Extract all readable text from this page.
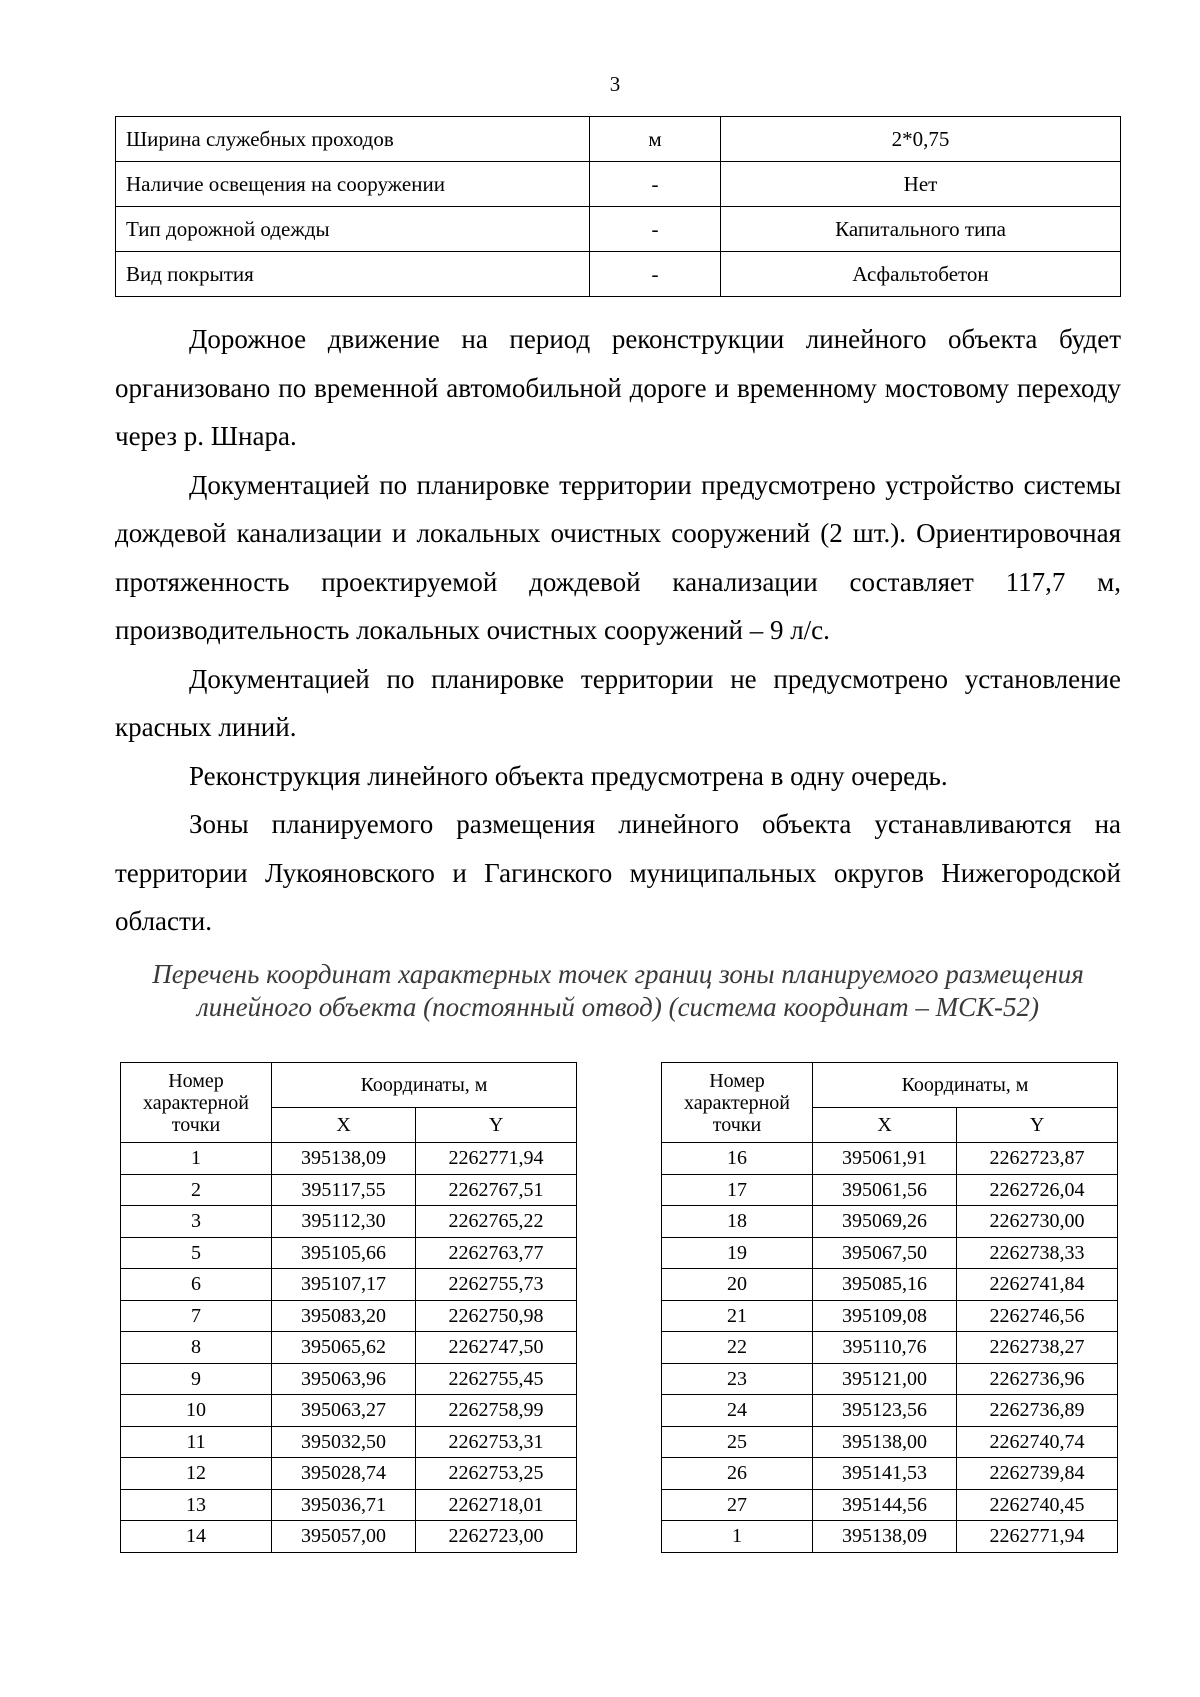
3
Ширина служебных проходов	м	2*0,75
Наличие освещения на сооружении	-	Нет
Тип дорожной одежды	-	Капитального типа
Вид покрытия	-	Асфальтобетон

Дорожное движение на период реконструкции линейного объекта будет организовано по временной автомобильной дороге и временному мостовому переходу через р. Шнара.

Документацией по планировке территории предусмотрено устройство системы дождевой канализации и локальных очистных сооружений (2 шт.). Ориентировочная протяженность проектируемой дождевой канализации составляет 117,7 м, производительность локальных очистных сооружений – 9 л/с.

Документацией по планировке территории не предусмотрено установление красных линий.

Реконструкция линейного объекта предусмотрена в одну очередь.

Зоны планируемого размещения линейного объекта устанавливаются на территории Лукояновского и Гагинского муниципальных округов Нижегородской области.

Перечень координат характерных точек границ зоны планируемого размещения
линейного объекта (постоянный отвод) (система координат – МСК-52)
Номер характерной точки	Координаты, м	
	X	Y
1	395138,09	2262771,94
2	395117,55	2262767,51
3	395112,30	2262765,22
5	395105,66	2262763,77
6	395107,17	2262755,73
7	395083,20	2262750,98
8	395065,62	2262747,50
9	395063,96	2262755,45
10	395063,27	2262758,99
11	395032,50	2262753,31
12	395028,74	2262753,25
13	395036,71	2262718,01
14	395057,00	2262723,00
Номер характерной точки	Координаты, м	
	X	Y
16	395061,91	2262723,87
17	395061,56	2262726,04
18	395069,26	2262730,00
19	395067,50	2262738,33
20	395085,16	2262741,84
21	395109,08	2262746,56
22	395110,76	2262738,27
23	395121,00	2262736,96
24	395123,56	2262736,89
25	395138,00	2262740,74
26	395141,53	2262739,84
27	395144,56	2262740,45
1	395138,09	2262771,94
